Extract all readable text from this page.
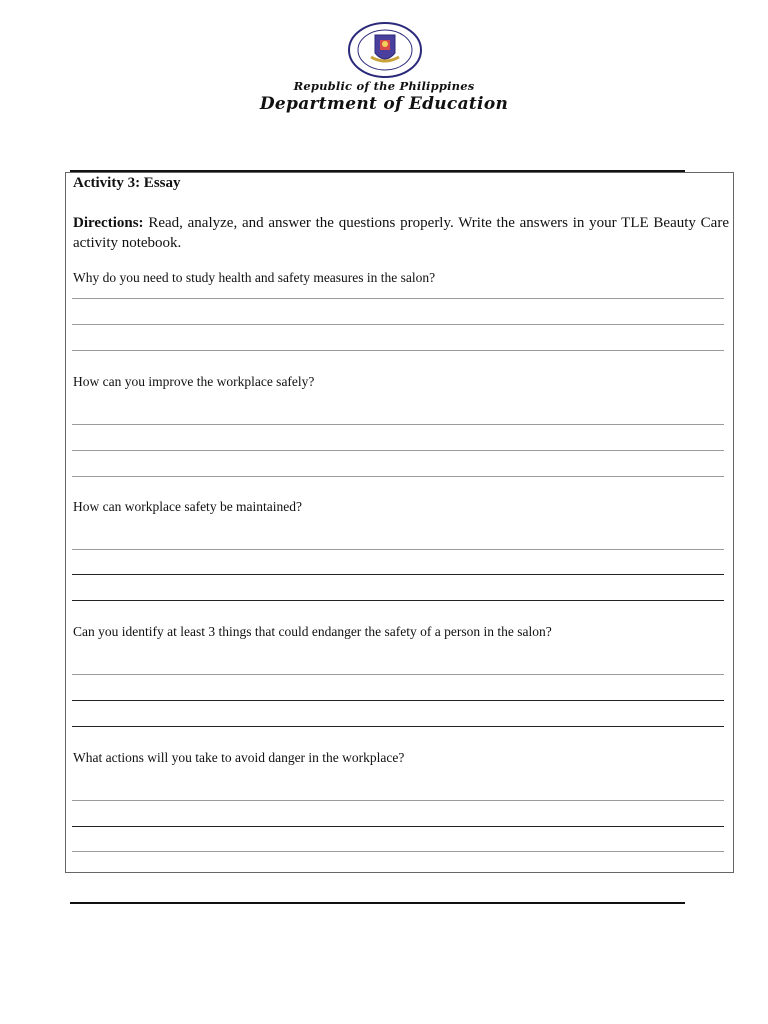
Republic of the Philippines
Department of Education
Activity 3: Essay
Directions: Read, analyze, and answer the questions properly. Write the answers in your TLE Beauty Care activity notebook.
Why do you need to study health and safety measures in the salon?
How can you improve the workplace safely?
How can workplace safety be maintained?
Can you identify at least 3 things that could endanger the safety of a person in the salon?
What actions will you take to avoid danger in the workplace?
